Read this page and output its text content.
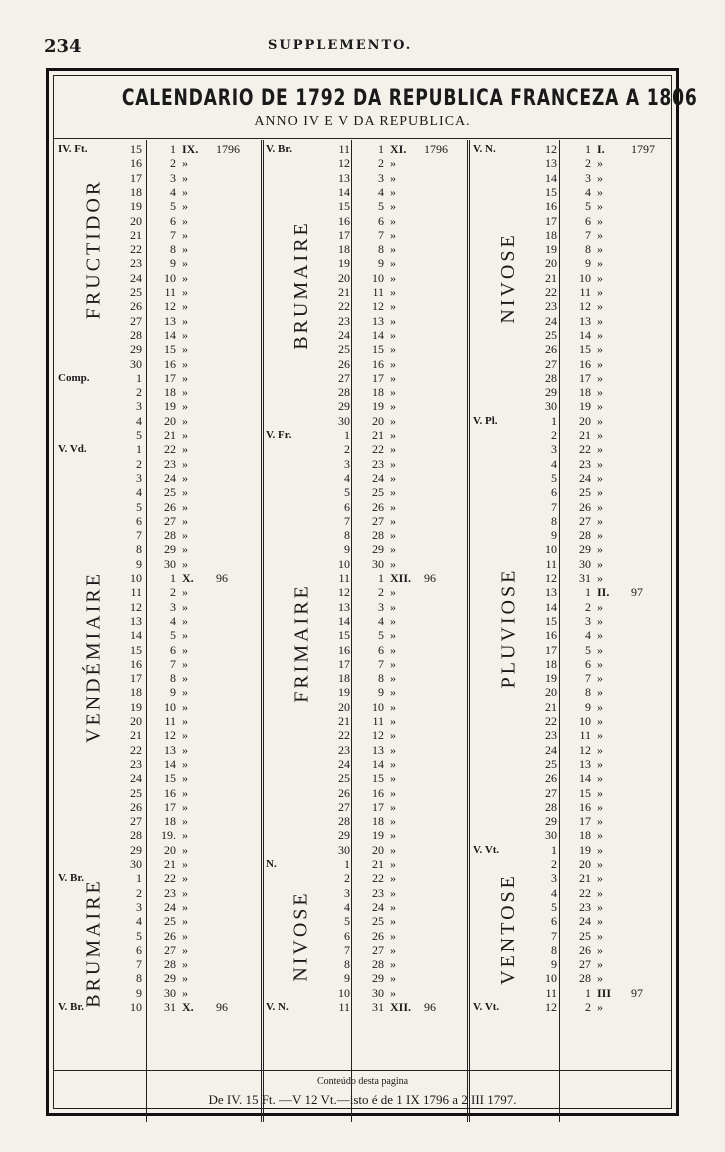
234	SUPPLEMENTO.
CALENDARIO DE 1792 DA REPUBLICA FRANCEZA A 1806
ANNO IV E V DA REPUBLICA.
FRUCTIDOR
VENDÉMIAIRE
BRUMAIRE
IV. Ft.	15	1 IX. 1796
16	2 »
17	3 »
18	4 »
19	5 »
20	6 »
21	7 »
22	8 »
23	9 »
24	10 »
25	11 »
26	12 »
27	13 »
28	14 »
29	15 »
30	16 »
Comp.	1	17 »
2	18 »
3	19 »
4	20 »
5	21 »
V. Vd.	1	22 »
2	23 »
3	24 »
4	25 »
5	26 »
6	27 »
7	28 »
8	29 »
9	30 »
10	1 X. 96
11	2 »
12	3 »
13	4 »
14	5 »
15	6 »
16	7 »
17	8 »
18	9 »
19	10 »
20	11 »
21	12 »
22	13 »
23	14 »
24	15 »
25	16 »
26	17 »
27	18 »
28	19. »
29	20 »
30	21 »
V. Br.	1	22 »
2	23 »
3	24 »
4	25 »
5	26 »
6	27 »
7	28 »
8	29 »
9	30 »
V. Br.	10	31 X. 96
BRUMAIRE
FRIMAIRE
NIVOSE
V. Br.	11	1 XI. 1796
12	2 »
13	3 »
14	4 »
15	5 »
16	6 »
17	7 »
18	8 »
19	9 »
20	10 »
21	11 »
22	12 »
23	13 »
24	14 »
25	15 »
26	16 »
27	17 »
28	18 »
29	19 »
30	20 »
V. Fr.	1	21 »
2	22 »
3	23 »
4	24 »
5	25 »
6	26 »
7	27 »
8	28 »
9	29 »
10	30 »
11	1 XII. 96
12	2 »
13	3 »
14	4 »
15	5 »
16	6 »
17	7 »
18	8 »
19	9 »
20	10 »
21	11 »
22	12 »
23	13 »
24	14 »
25	15 »
26	16 »
27	17 »
28	18 »
29	19 »
30	20 »
N.	1	21 »
2	22 »
3	23 »
4	24 »
5	25 »
6	26 »
7	27 »
8	28 »
9	29 »
10	30 »
V. N.	11	31 XII. 96
NIVOSE
PLUVIOSE
VENTOSE
V. N.	12	1 I. 1797
13	2 »
14	3 »
15	4 »
16	5 »
17	6 »
18	7 »
19	8 »
20	9 »
21	10 »
22	11 »
23	12 »
24	13 »
25	14 »
26	15 »
27	16 »
28	17 »
29	18 »
30	19 »
V. Pl.	1	20 »
2	21 »
3	22 »
4	23 »
5	24 »
6	25 »
7	26 »
8	27 »
9	28 »
10	29 »
11	30 »
12	31 »
13	1 II. 97
14	2 »
15	3 »
16	4 »
17	5 »
18	6 »
19	7 »
20	8 »
21	9 »
22	10 »
23	11 »
24	12 »
25	13 »
26	14 »
27	15 »
28	16 »
29	17 »
30	18 »
V. Vt.	1	19 »
2	20 »
3	21 »
4	22 »
5	23 »
6	24 »
7	25 »
8	26 »
9	27 »
10	28 »
11	1 III 97
V. Vt.	12	2 »
Conteúdo desta pagina
De IV. 15 Ft. —V 12 Vt.—isto é de 1 IX 1796 a 2 III 1797.
